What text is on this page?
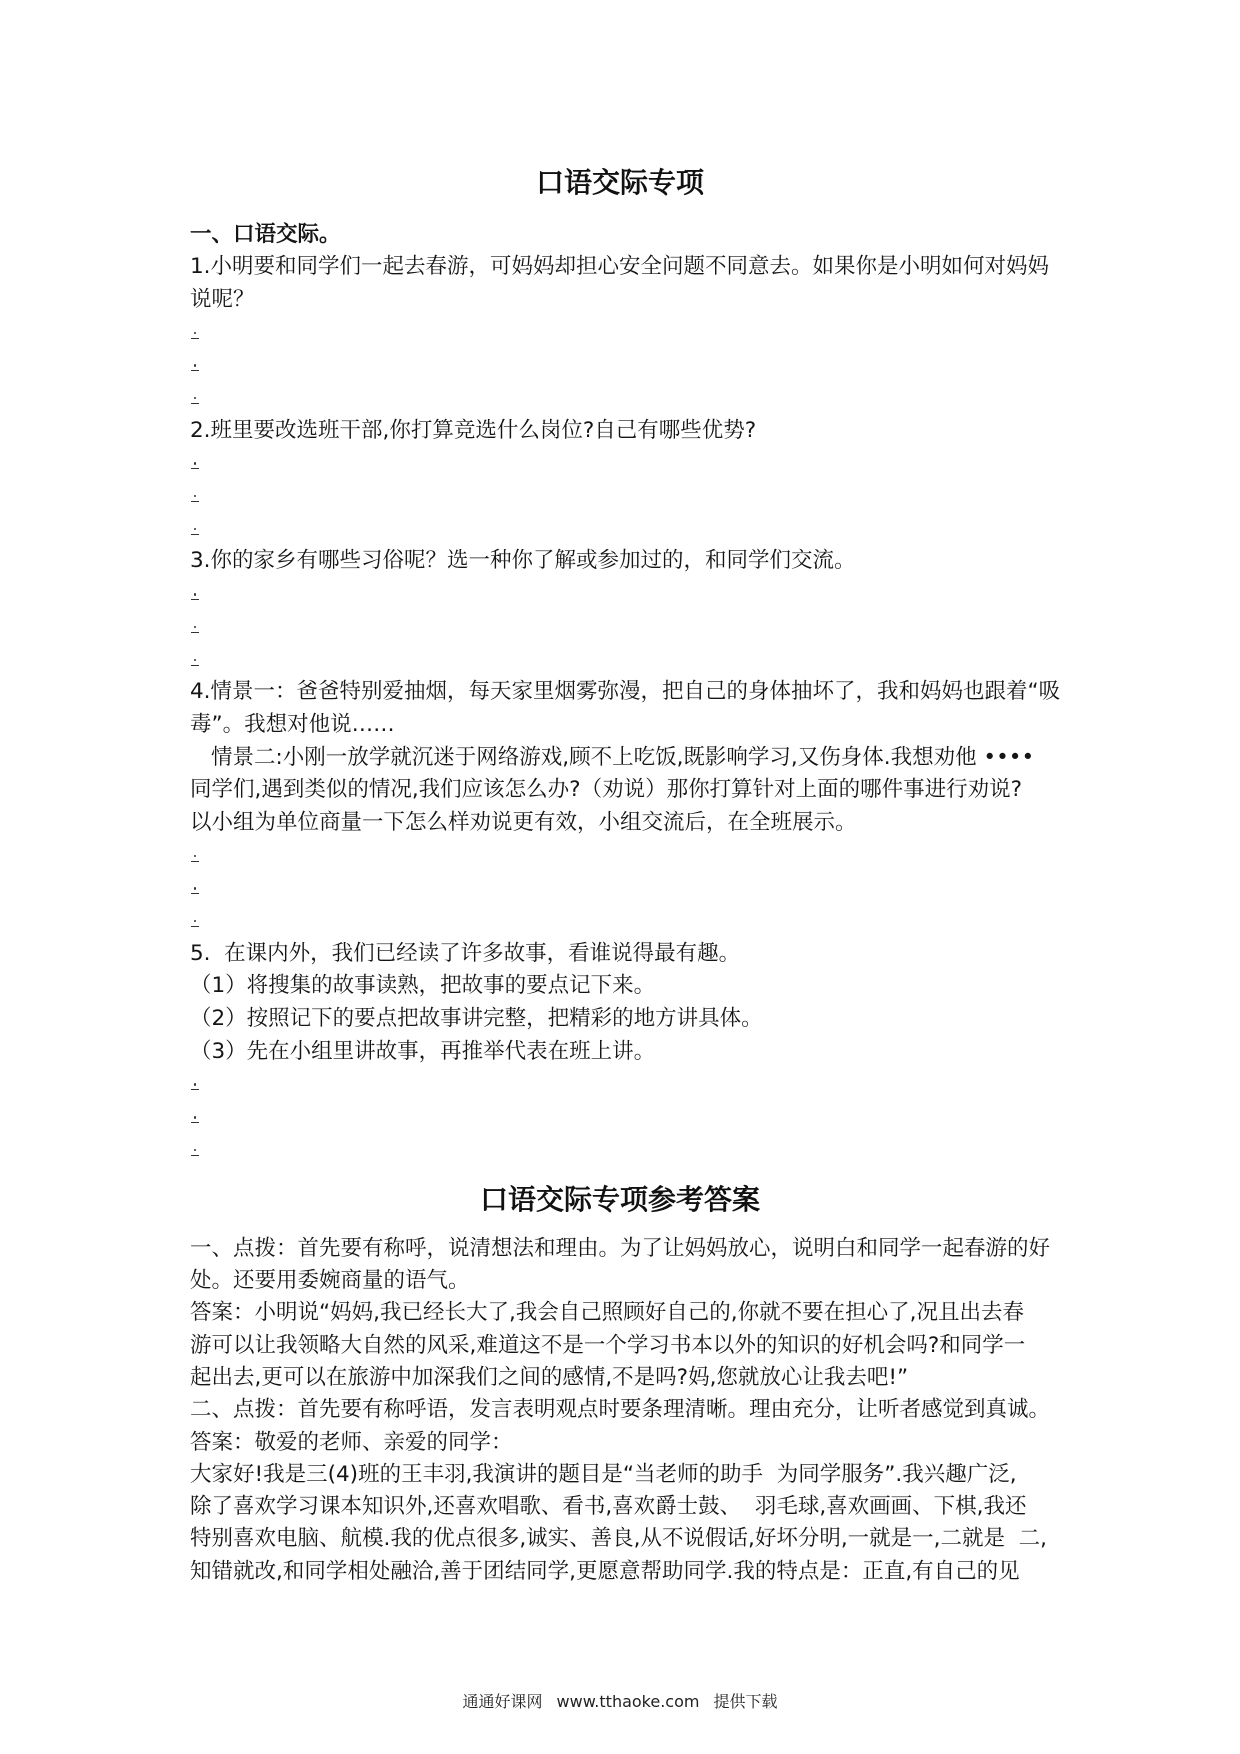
口语交际专项
一、口语交际。
1.小明要和同学们一起去春游，可妈妈却担心安全问题不同意去。如果你是小明如何对妈妈
说呢？
2.班里要改选班干部,你打算竞选什么岗位?自己有哪些优势?
3.你的家乡有哪些习俗呢？选一种你了解或参加过的，和同学们交流。
4.情景一：爸爸特别爱抽烟，每天家里烟雾弥漫，把自己的身体抽坏了，我和妈妈也跟着“吸
毒”。我想对他说……
情景二:小刚一放学就沉迷于网络游戏,顾不上吃饭,既影响学习,又伤身体.我想劝他 ••••
同学们,遇到类似的情况,我们应该怎么办?（劝说）那你打算针对上面的哪件事进行劝说?
以小组为单位商量一下怎么样劝说更有效，小组交流后，在全班展示。
5.  在课内外，我们已经读了许多故事，看谁说得最有趣。
（1）将搜集的故事读熟，把故事的要点记下来。
（2）按照记下的要点把故事讲完整，把精彩的地方讲具体。
（3）先在小组里讲故事，再推举代表在班上讲。
口语交际专项参考答案
一、点拨：首先要有称呼，说清想法和理由。为了让妈妈放心，说明白和同学一起春游的好
处。还要用委婉商量的语气。
答案：小明说“妈妈,我已经长大了,我会自己照顾好自己的,你就不要在担心了,况且出去春
游可以让我领略大自然的风采,难道这不是一个学习书本以外的知识的好机会吗?和同学一
起出去,更可以在旅游中加深我们之间的感情,不是吗?妈,您就放心让我去吧!”
二、点拨：首先要有称呼语，发言表明观点时要条理清晰。理由充分，让听者感觉到真诚。
答案：敬爱的老师、亲爱的同学：
大家好!我是三(4)班的王丰羽,我演讲的题目是“当老师的助手  为同学服务”.我兴趣广泛,
除了喜欢学习课本知识外,还喜欢唱歌、看书,喜欢爵士鼓、  羽毛球,喜欢画画、下棋,我还
特别喜欢电脑、航模.我的优点很多,诚实、善良,从不说假话,好坏分明,一就是一,二就是  二,
知错就改,和同学相处融洽,善于团结同学,更愿意帮助同学.我的特点是：正直,有自己的见
通通好课网 www.tthaoke.com 提供下载
